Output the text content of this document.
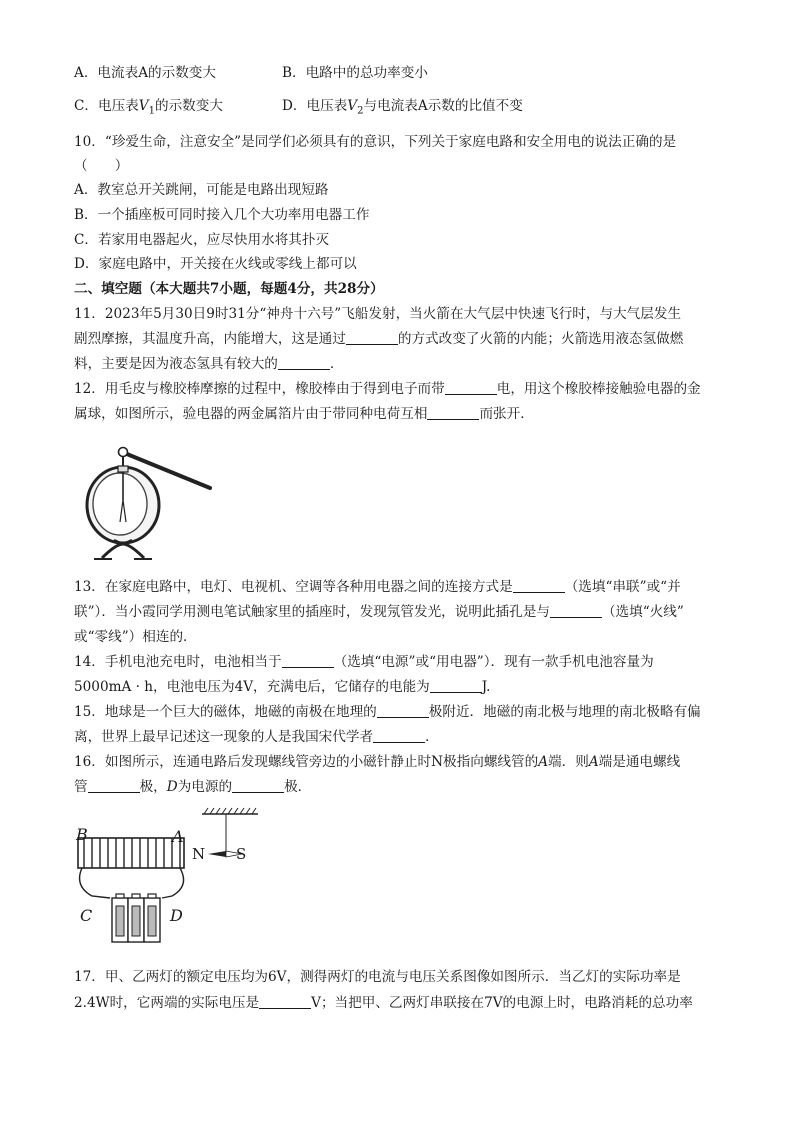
A．电流表A的示数变大	B．电路中的总功率变小
C．电压表$V_1$的示数变大	D．电压表$V_2$与电流表A示数的比值不变
10．“珍爱生命，注意安全”是同学们必须具有的意识，下列关于家庭电路和安全用电的说法正确的是
（　　）
A．教室总开关跳闸，可能是电路出现短路
B．一个插座板可同时接入几个大功率用电器工作
C．若家用电器起火，应尽快用水将其扑灭
D．家庭电路中，开关接在火线或零线上都可以
二、填空题（本大题共7小题，每题4分，共28分）
11．2023年5月30日9时31分“神舟十六号”飞船发射，当火箭在大气层中快速飞行时，与大气层发生
剧烈摩擦，其温度升高，内能增大，这是通过	的方式改变了火箭的内能；火箭选用液态氢做燃
料，主要是因为液态氢具有较大的	．
12．用毛皮与橡胶棒摩擦的过程中，橡胶棒由于得到电子而带	电，用这个橡胶棒接触验电器的金
属球，如图所示，验电器的两金属箔片由于带同种电荷互相	而张开．
13．在家庭电路中，电灯、电视机、空调等各种用电器之间的连接方式是	（选填“串联”或“并
联”）．当小霞同学用测电笔试触家里的插座时，发现氖管发光，说明此插孔是与	（选填“火线”
或“零线”）相连的．
14．手机电池充电时，电池相当于	（选填“电源”或“用电器”）．现有一款手机电池容量为
5000mA · h，电池电压为4V，充满电后，它储存的电能为	J.
15．地球是一个巨大的磁体，地磁的南极在地理的	极附近．地磁的南北极与地理的南北极略有偏
离，世界上最早记述这一现象的人是我国宋代学者	．
16．如图所示，连通电路后发现螺线管旁边的小磁针静止时N极指向螺线管的A端．则A端是通电螺线
管	极，D为电源的	极．
B	A
N S
C	D
17．甲、乙两灯的额定电压均为6V，测得两灯的电流与电压关系图像如图所示．当乙灯的实际功率是
2.4W时，它两端的实际电压是	V；当把甲、乙两灯串联接在7V的电源上时，电路消耗的总功率
